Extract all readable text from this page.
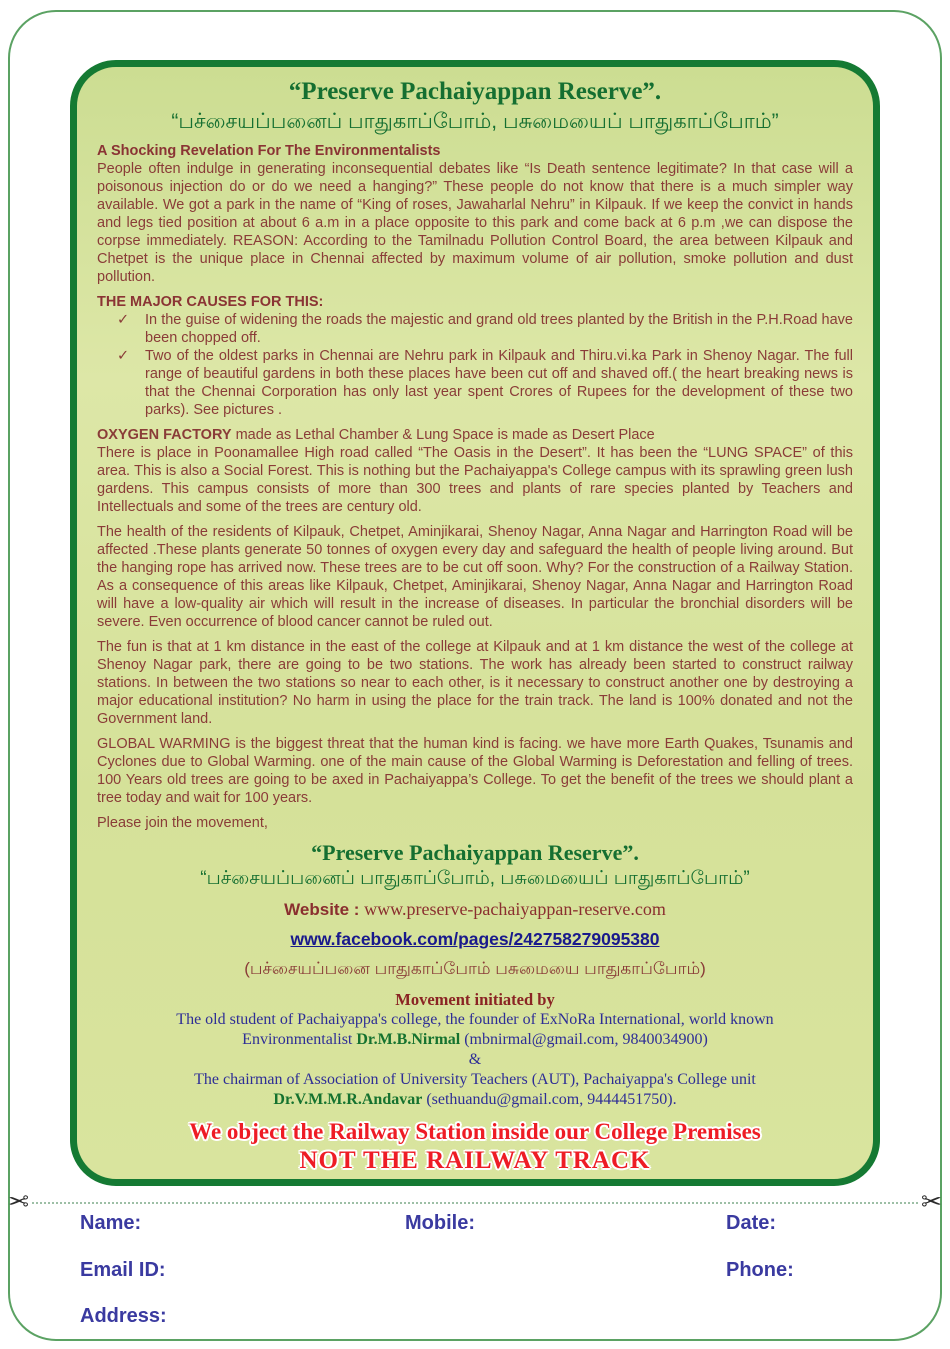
“Preserve Pachaiyappan Reserve”.
“பச்சையப்பனைப் பாதுகாப்போம், பசுமையைப் பாதுகாப்போம்”
A Shocking Revelation For The Environmentalists

People often indulge in generating inconsequential debates like “Is Death sentence legitimate? In that case will a poisonous injection do or do we need a hanging?” These people do not know that there is a much simpler way available. We got a park in the name of “King of roses, Jawaharlal Nehru” in Kilpauk. If we keep the convict in hands and legs tied position at about 6 a.m in a place opposite to this park and come back at 6 p.m ,we can dispose the corpse immediately. REASON: According to the Tamilnadu Pollution Control Board, the area between Kilpauk and Chetpet is the unique place in Chennai affected by maximum volume of air pollution, smoke pollution and dust pollution.

THE MAJOR CAUSES FOR THIS:
✓	In the guise of widening the roads the majestic and grand old trees planted by the British in the P.H.Road have been chopped off.
✓	Two of the oldest parks in Chennai are Nehru park in Kilpauk and Thiru.vi.ka Park in Shenoy Nagar. The full range of beautiful gardens in both these places have been cut off and shaved off.( the heart breaking news is that the Chennai Corporation has only last year spent Crores of Rupees for the development of these two parks). See pictures .

OXYGEN FACTORY made as Lethal Chamber & Lung Space is made as Desert Place

There is place in Poonamallee High road called “The Oasis in the Desert”. It has been the “LUNG SPACE” of this area. This is also a Social Forest. This is nothing but the Pachaiyappa's College campus with its sprawling green lush gardens. This campus consists of more than 300 trees and plants of rare species planted by Teachers and Intellectuals and some of the trees are century old.

The health of the residents of Kilpauk, Chetpet, Aminjikarai, Shenoy Nagar, Anna Nagar and Harrington Road will be affected .These plants generate 50 tonnes of oxygen every day and safeguard the health of people living around. But the hanging rope has arrived now. These trees are to be cut off soon. Why? For the construction of a Railway Station. As a consequence of this areas like Kilpauk, Chetpet, Aminjikarai, Shenoy Nagar, Anna Nagar and Harrington Road will have a low-quality air which will result in the increase of diseases. In particular the bronchial disorders will be severe. Even occurrence of blood cancer cannot be ruled out.

The fun is that at 1 km distance in the east of the college at Kilpauk and at 1 km distance the west of the college at Shenoy Nagar park, there are going to be two stations. The work has already been started to construct railway stations. In between the two stations so near to each other, is it necessary to construct another one by destroying a major educational institution? No harm in using the place for the train track. The land is 100% donated and not the Government land.

GLOBAL WARMING is the biggest threat that the human kind is facing. we have more Earth Quakes, Tsunamis and Cyclones due to Global Warming. one of the main cause of the Global Warming is Deforestation and felling of trees. 100 Years old trees are going to be axed in Pachaiyappa’s College. To get the benefit of the trees we should plant a tree today and wait for 100 years.

Please join the movement,

“Preserve Pachaiyappan Reserve”.
“பச்சையப்பனைப் பாதுகாப்போம், பசுமையைப் பாதுகாப்போம்”
Website : www.preserve-pachaiyappan-reserve.com
www.facebook.com/pages/242758279095380
(பச்சையப்பனை பாதுகாப்போம் பசுமையை பாதுகாப்போம்)
Movement initiated by
The old student of Pachaiyappa's college, the founder of ExNoRa International, world known
Environmentalist Dr.M.B.Nirmal (mbnirmal@gmail.com, 9840034900)
&
The chairman of Association of University Teachers (AUT), Pachaiyappa's College unit
Dr.V.M.M.R.Andavar (sethuandu@gmail.com, 9444451750).
We object the Railway Station inside our College Premises
NOT THE RAILWAY TRACK
✂	✂
Name:	Mobile:	Date:
Email ID:	Phone:
Address:
